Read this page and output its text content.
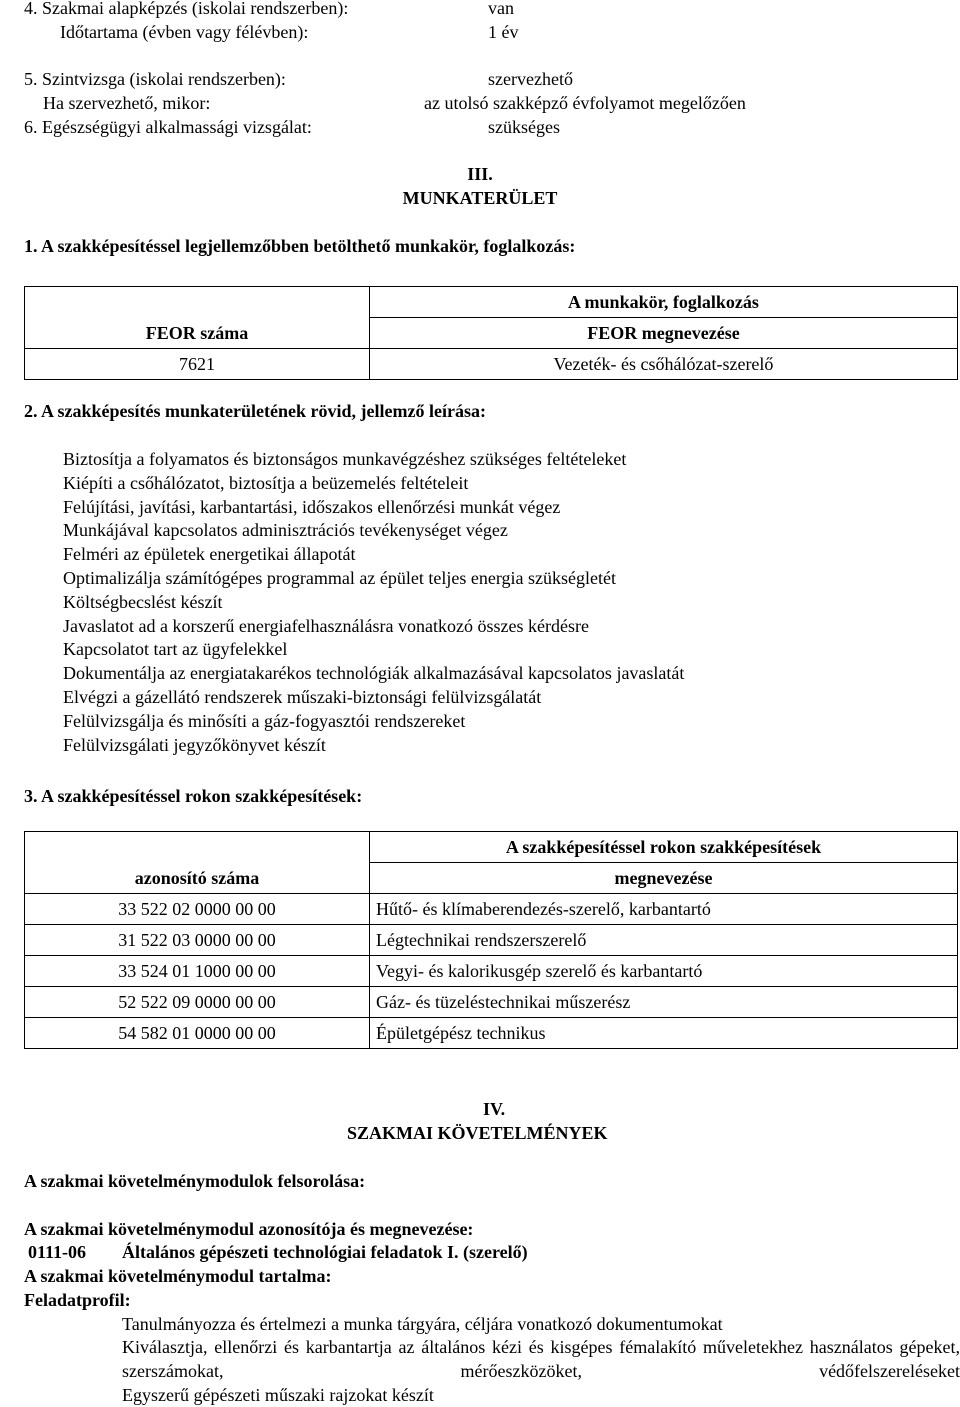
4. Szakmai alapképzés (iskolai rendszerben):	van
Időtartama (évben vagy félévben):	1 év
5. Szintvizsga (iskolai rendszerben):	szervezhető
Ha szervezhető, mikor:	az utolsó szakképző évfolyamot megelőzően
6. Egészségügyi alkalmassági vizsgálat:	szükséges
III.
MUNKATERÜLET
1. A szakképesítéssel legjellemzőbben betölthető munkakör, foglalkozás:
	A munkakör, foglalkozás
FEOR száma	FEOR megnevezése
7621	Vezeték- és csőhálózat-szerelő
2. A szakképesítés munkaterületének rövid, jellemző leírása:
Biztosítja a folyamatos és biztonságos munkavégzéshez szükséges feltételeket
Kiépíti a csőhálózatot, biztosítja a beüzemelés feltételeit
Felújítási, javítási, karbantartási, időszakos ellenőrzési munkát végez
Munkájával kapcsolatos adminisztrációs tevékenységet végez
Felméri az épületek energetikai állapotát
Optimalizálja számítógépes programmal az épület teljes energia szükségletét
Költségbecslést készít
Javaslatot ad a korszerű energiafelhasználásra vonatkozó összes kérdésre
Kapcsolatot tart az ügyfelekkel
Dokumentálja az energiatakarékos technológiák alkalmazásával kapcsolatos javaslatát
Elvégzi a gázellátó rendszerek műszaki-biztonsági felülvizsgálatát
Felülvizsgálja és minősíti a gáz-fogyasztói rendszereket
Felülvizsgálati jegyzőkönyvet készít
3. A szakképesítéssel rokon szakképesítések:
	A szakképesítéssel rokon szakképesítések
azonosító száma	megnevezése
33 522 02 0000 00 00	Hűtő- és klímaberendezés-szerelő, karbantartó
31 522 03 0000 00 00	Légtechnikai rendszerszerelő
33 524 01 1000 00 00	Vegyi- és kalorikusgép szerelő és karbantartó
52 522 09 0000 00 00	Gáz- és tüzeléstechnikai műszerész
54 582 01 0000 00 00	Épületgépész technikus
IV.
SZAKMAI KÖVETELMÉNYEK
A szakmai követelménymodulok felsorolása:
A szakmai követelménymodul azonosítója és megnevezése:
0111-06 Általános gépészeti technológiai feladatok I. (szerelő)
A szakmai követelménymodul tartalma:
Feladatprofil:
Tanulmányozza és értelmezi a munka tárgyára, céljára vonatkozó dokumentumokat
Kiválasztja, ellenőrzi és karbantartja az általános kézi és kisgépes fémalakító műveletekhez használatos gépeket, szerszámokat, mérőeszközöket, védőfelszereléseket
Egyszerű gépészeti műszaki rajzokat készít
